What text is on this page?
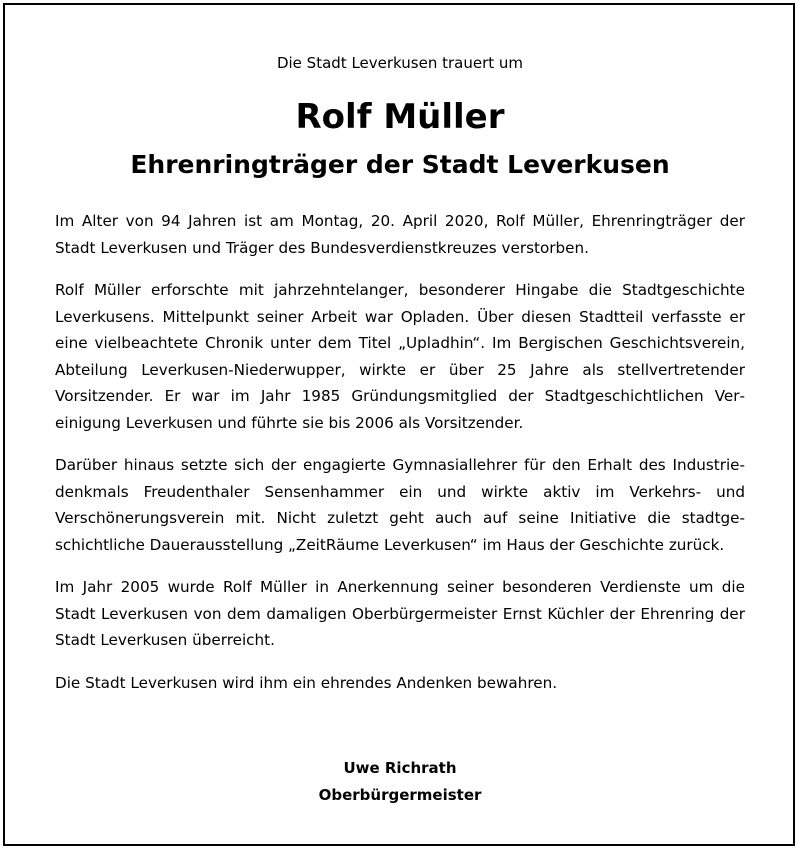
Die Stadt Leverkusen trauert um
Rolf Müller
Ehrenringträger der Stadt Leverkusen

Im Alter von 94 Jahren ist am Montag, 20. April 2020, Rolf Müller, Ehrenringträger der Stadt Leverkusen und Träger des Bundesverdienstkreuzes verstorben.

Rolf Müller erforschte mit jahrzehntelanger, besonderer Hingabe die Stadtgeschichte Leverkusens. Mittelpunkt seiner Arbeit war Opladen. Über diesen Stadtteil verfasste er eine vielbeachtete Chronik unter dem Titel „Upladhin“. Im Bergischen Geschichtsverein, Abteilung Leverkusen-Niederwupper, wirkte er über 25 Jahre als stellvertretender Vorsitzender. Er war im Jahr 1985 Gründungsmitglied der Stadtgeschichtlichen Vereinigung Leverkusen und führte sie bis 2006 als Vorsitzender.

Darüber hinaus setzte sich der engagierte Gymnasiallehrer für den Erhalt des Industriedenkmals Freudenthaler Sensenhammer ein und wirkte aktiv im Verkehrs- und Verschönerungsverein mit. Nicht zuletzt geht auch auf seine Initiative die stadtgeschichtliche Dauerausstellung „ZeitRäume Leverkusen“ im Haus der Geschichte zurück.

Im Jahr 2005 wurde Rolf Müller in Anerkennung seiner besonderen Verdienste um die Stadt Leverkusen von dem damaligen Oberbürgermeister Ernst Küchler der Ehrenring der Stadt Leverkusen überreicht.

Die Stadt Leverkusen wird ihm ein ehrendes Andenken bewahren.

Uwe Richrath
Oberbürgermeister
